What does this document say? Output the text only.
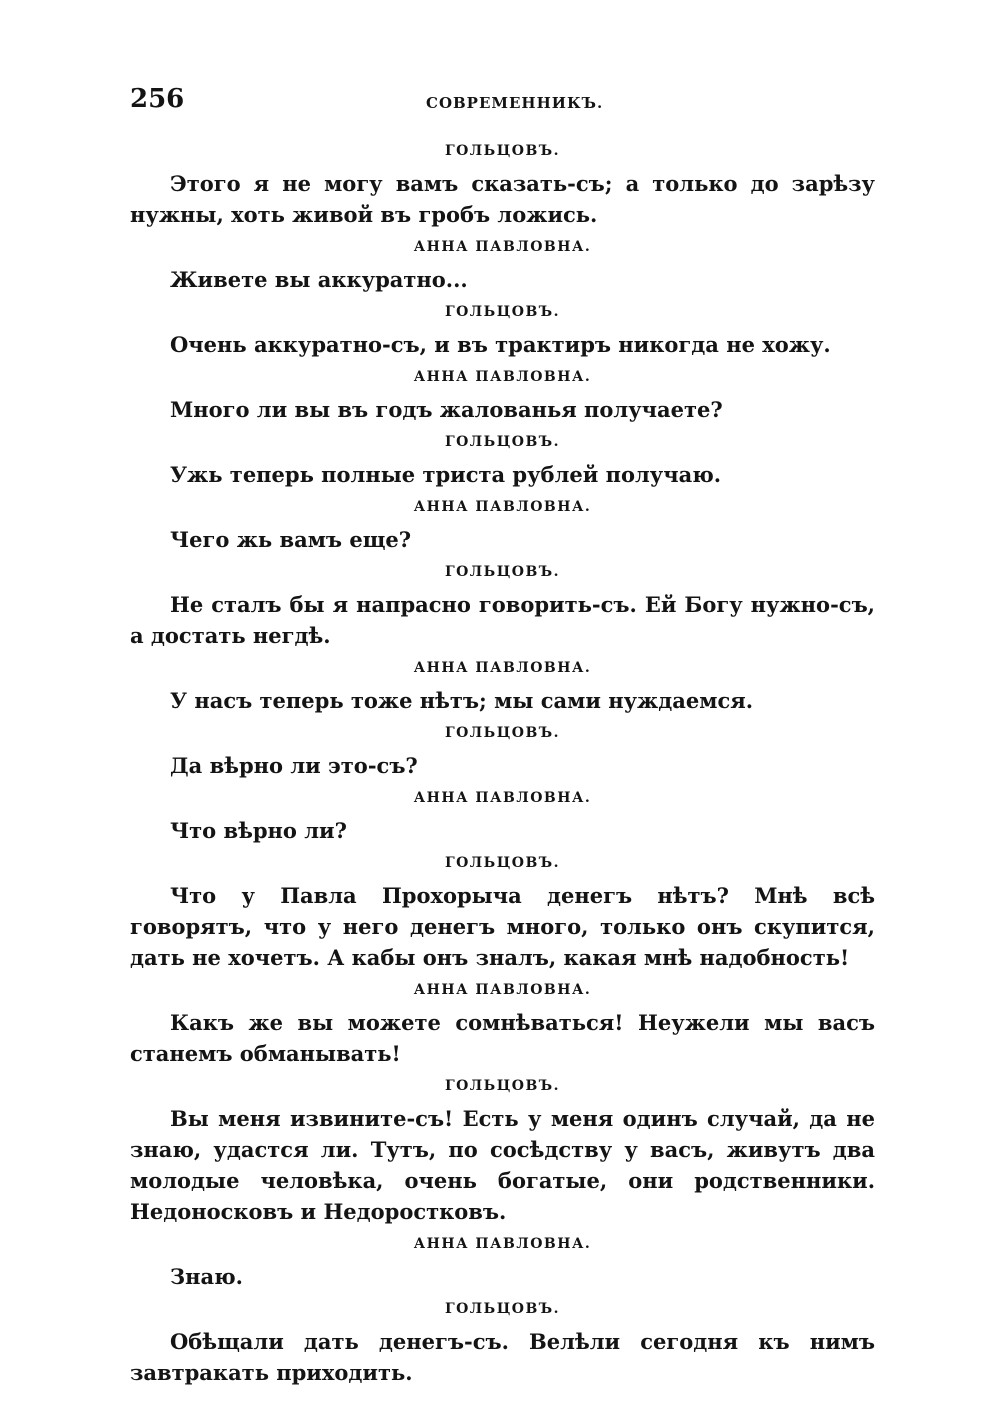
256	СОВРЕМЕННИКЪ.
ГОЛЬЦОВЪ.

Этого я не могу вамъ сказать-съ; а только до зарѣзу нужны, хоть живой въ гробъ ложись.

АННА ПАВЛОВНА.

Живете вы аккуратно...

ГОЛЬЦОВЪ.

Очень аккуратно-съ, и въ трактиръ никогда не хожу.

АННА ПАВЛОВНА.

Много ли вы въ годъ жалованья получаете?

ГОЛЬЦОВЪ.

Ужь теперь полные триста рублей получаю.

АННА ПАВЛОВНА.

Чего жь вамъ еще?

ГОЛЬЦОВЪ.

Не сталъ бы я напрасно говорить-съ. Ей Богу нужно-съ, а достать негдѣ.

АННА ПАВЛОВНА.

У насъ теперь тоже нѣтъ; мы сами нуждаемся.

ГОЛЬЦОВЪ.

Да вѣрно ли это-съ?

АННА ПАВЛОВНА.

Что вѣрно ли?

ГОЛЬЦОВЪ.

Что у Павла Прохорыча денегъ нѣтъ? Мнѣ всѣ говорятъ, что у него денегъ много, только онъ скупится, дать не хочетъ. А кабы онъ зналъ, какая мнѣ надобность!

АННА ПАВЛОВНА.

Какъ же вы можете сомнѣваться! Неужели мы васъ станемъ обманывать!

ГОЛЬЦОВЪ.

Вы меня извините-съ! Есть у меня одинъ случай, да не знаю, удастся ли. Тутъ, по сосѣдству у васъ, живутъ два молодые человѣка, очень богатые, они родственники. Недоносковъ и Недоростковъ.

АННА ПАВЛОВНА.

Знаю.

ГОЛЬЦОВЪ.

Обѣщали дать денегъ-съ. Велѣли сегодня къ нимъ завтракать приходить.
